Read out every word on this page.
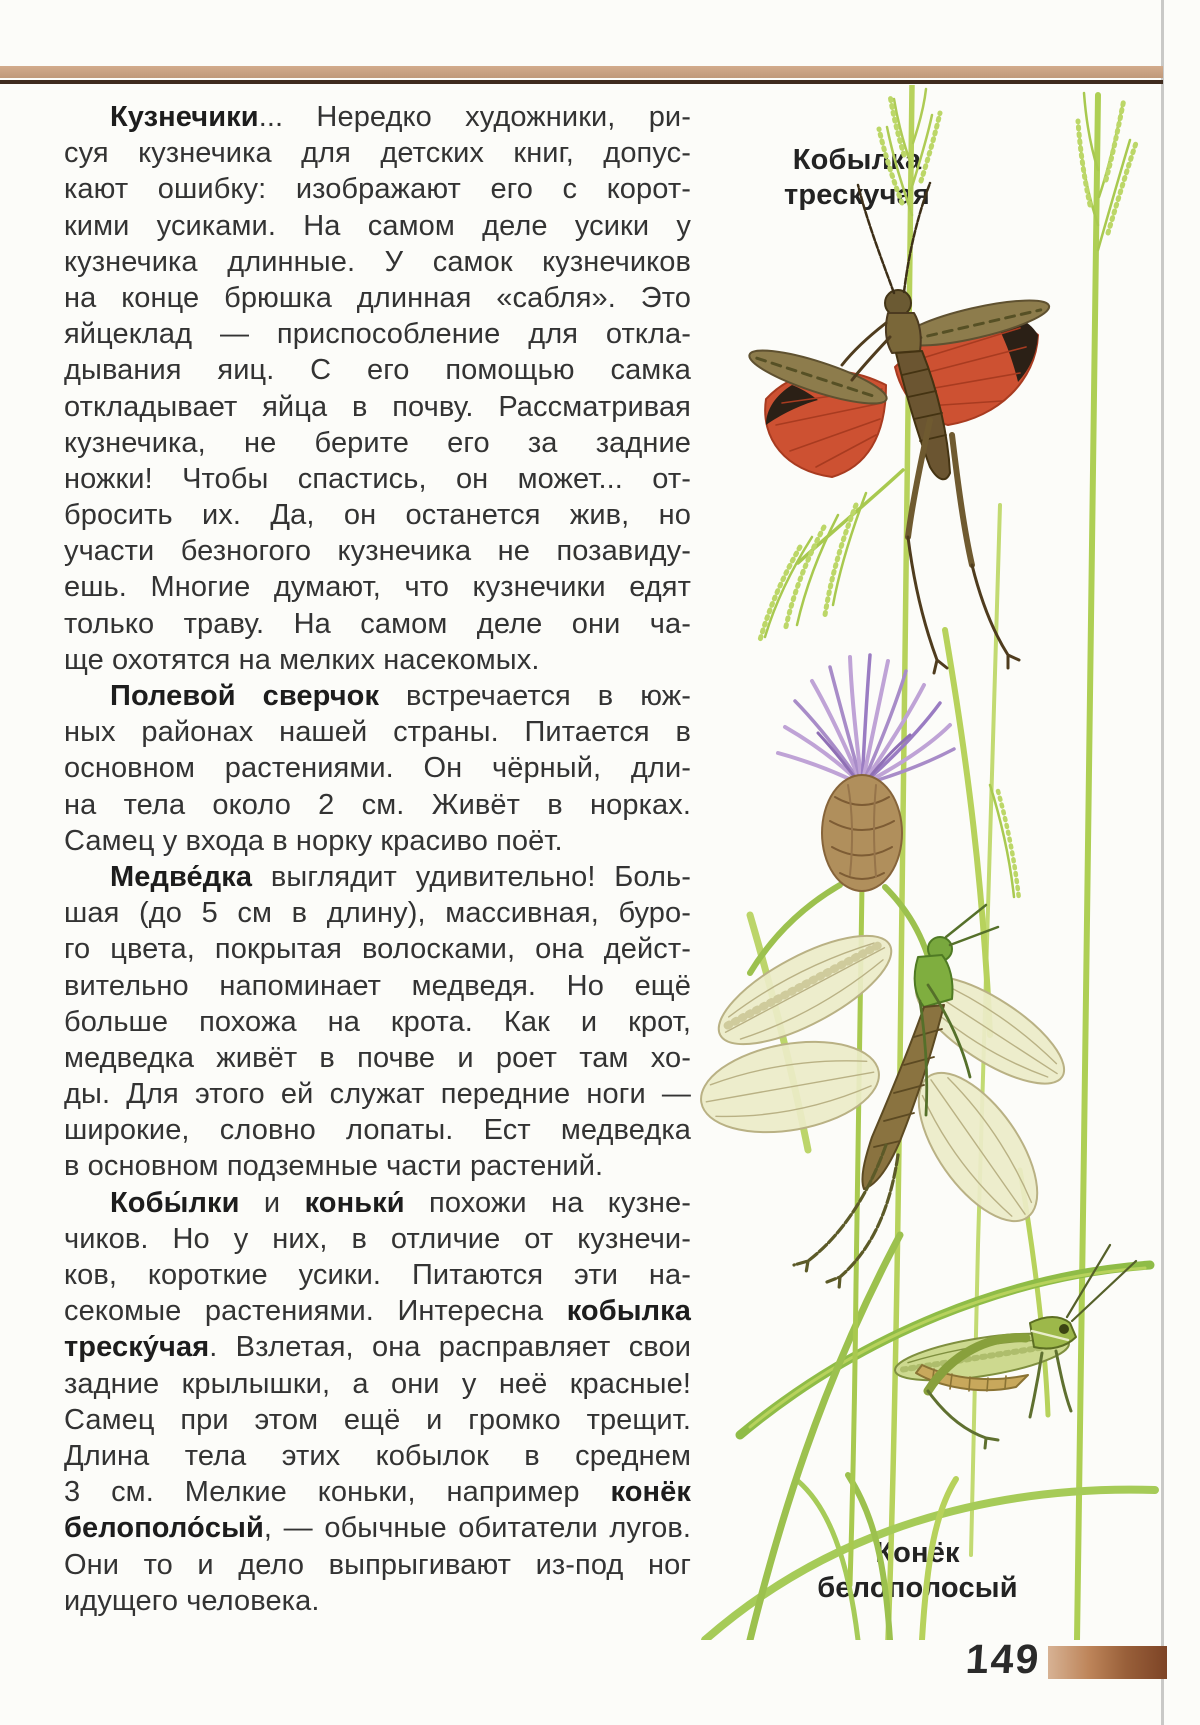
Кузнечики... Нередко художники, ри-
суя кузнечика для детских книг, допус-
кают ошибку: изображают его с корот-
кими усиками. На самом деле усики у
кузнечика длинные. У самок кузнечиков
на конце брюшка длинная «сабля». Это
яйцеклад — приспособление для откла-
дывания яиц. С его помощью самка
откладывает яйца в почву. Рассматривая
кузнечика, не берите его за задние
ножки! Чтобы спастись, он может... от-
бросить их. Да, он останется жив, но
участи безногого кузнечика не позавиду-
ешь. Многие думают, что кузнечики едят
только траву. На самом деле они ча-
ще охотятся на мелких насекомых.
Полевой сверчок встречается в юж-
ных районах нашей страны. Питается в
основном растениями. Он чёрный, дли-
на тела около 2 см. Живёт в норках.
Самец у входа в норку красиво поёт.
Медве́дка выглядит удивительно! Боль-
шая (до 5 см в длину), массивная, буро-
го цвета, покрытая волосками, она дейст-
вительно напоминает медведя. Но ещё
больше похожа на крота. Как и крот,
медведка живёт в почве и роет там хо-
ды. Для этого ей служат передние ноги —
широкие, словно лопаты. Ест медведка
в основном подземные части растений.
Кобы́лки и коньки́ похожи на кузне-
чиков. Но у них, в отличие от кузнечи-
ков, короткие усики. Питаются эти на-
секомые растениями. Интересна кобылка
треску́чая. Взлетая, она расправляет свои
задние крылышки, а они у неё красные!
Самец при этом ещё и громко трещит.
Длина тела этих кобылок в среднем
3 см. Мелкие коньки, например конёк
белополо́сый, — обычные обитатели лугов.
Они то и дело выпрыгивают из-под ног
идущего человека.
Кобылка трескучая
Конёк белополосый
149
